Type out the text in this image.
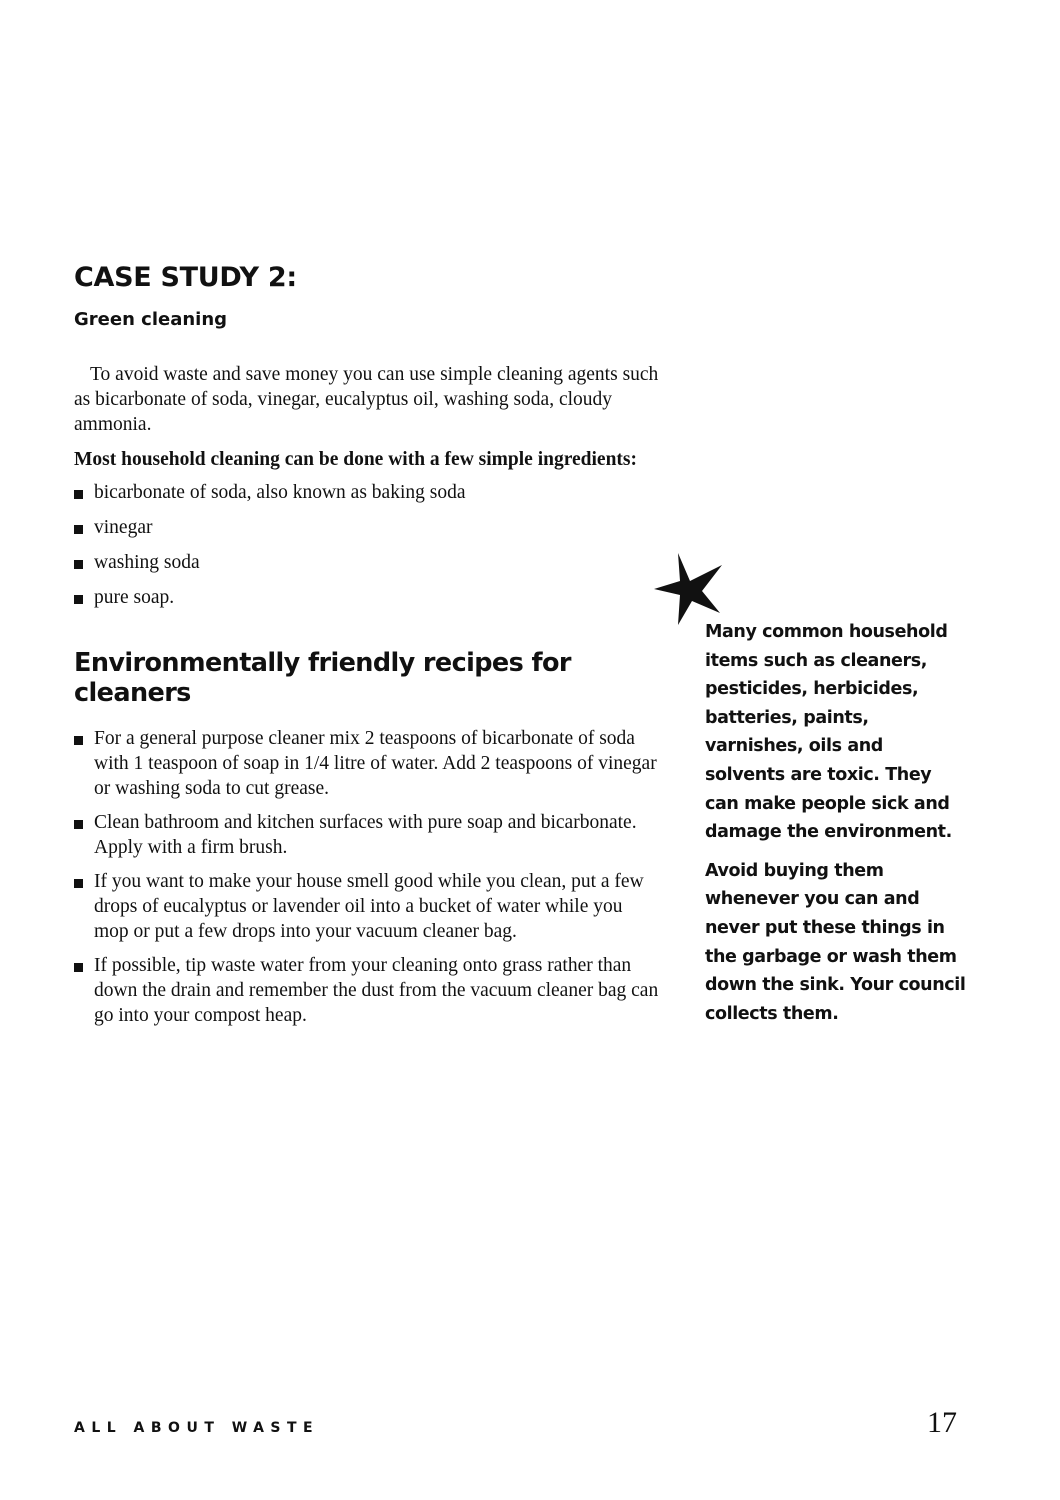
CASE STUDY 2:
Green cleaning

To avoid waste and save money you can use simple cleaning agents such as bicarbonate of soda, vinegar, eucalyptus oil, washing soda, cloudy ammonia.

Most household cleaning can be done with a few simple ingredients:

bicarbonate of soda, also known as baking soda
vinegar
washing soda
pure soap.
Environmentally friendly recipes for cleaners
For a general purpose cleaner mix 2 teaspoons of bicarbonate of soda with 1 teaspoon of soap in 1/4 litre of water. Add 2 teaspoons of vinegar or washing soda to cut grease.
Clean bathroom and kitchen surfaces with pure soap and bicarbonate. Apply with a firm brush.
If you want to make your house smell good while you clean, put a few drops of eucalyptus or lavender oil into a bucket of water while you mop or put a few drops into your vacuum cleaner bag.
If possible, tip waste water from your cleaning onto grass rather than down the drain and remember the dust from the vacuum cleaner bag can go into your compost heap.

Many common household items such as cleaners, pesticides, herbicides, batteries, paints, varnishes, oils and solvents are toxic. They can make people sick and damage the environment.

Avoid buying them whenever you can and never put these things in the garbage or wash them down the sink. Your council collects them.

ALL ABOUT WASTE	17
